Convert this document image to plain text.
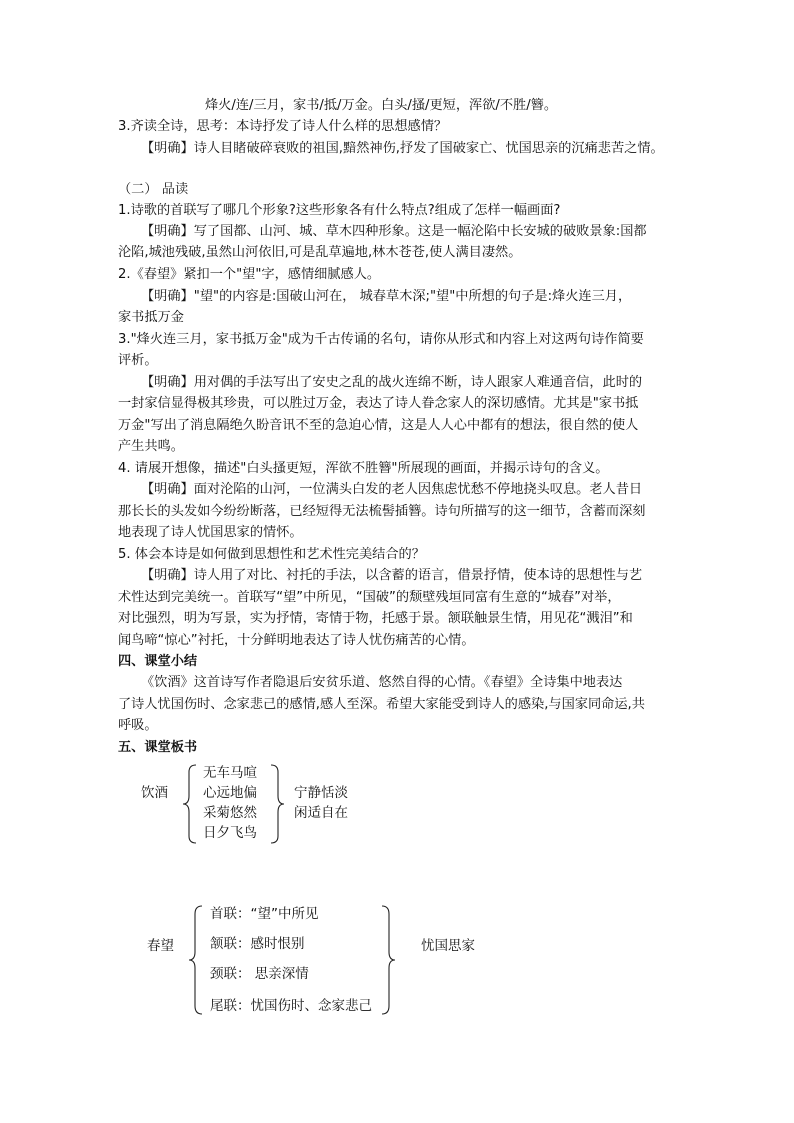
烽火/连/三月，家书/抵/万金。白头/搔/更短，浑欲/不胜/簪。
3.齐读全诗，思考：本诗抒发了诗人什么样的思想感情？
【明确】诗人目睹破碎衰败的祖国,黯然神伤,抒发了国破家亡、忧国思亲的沉痛悲苦之情。
（二） 品读
1.诗歌的首联写了哪几个形象?这些形象各有什么特点?组成了怎样一幅画面?
【明确】写了国都、山河、城、草木四种形象。这是一幅沦陷中长安城的破败景象:国都
沦陷,城池残破,虽然山河依旧,可是乱草遍地,林木苍苍,使人满目凄然。
2.《春望》紧扣一个"望"字，感情细腻感人。
【明确】"望"的内容是:国破山河在， 城春草木深;"望"中所想的句子是:烽火连三月，
家书抵万金
3."烽火连三月，家书抵万金"成为千古传诵的名句，请你从形式和内容上对这两句诗作简要
评析。
【明确】用对偶的手法写出了安史之乱的战火连绵不断，诗人跟家人难通音信，此时的
一封家信显得极其珍贵，可以胜过万金，表达了诗人眷念家人的深切感情。尤其是"家书抵
万金"写出了消息隔绝久盼音讯不至的急迫心情，这是人人心中都有的想法，很自然的使人
产生共鸣。
4. 请展开想像，描述"白头搔更短，浑欲不胜簪"所展现的画面，并揭示诗句的含义。
【明确】面对沦陷的山河，一位满头白发的老人因焦虑忧愁不停地挠头叹息。老人昔日
那长长的头发如今纷纷断落，已经短得无法梳髻插簪。诗句所描写的这一细节，含蓄而深刻
地表现了诗人忧国思家的情怀。
5. 体会本诗是如何做到思想性和艺术性完美结合的？
【明确】诗人用了对比、衬托的手法，以含蓄的语言，借景抒情，使本诗的思想性与艺
术性达到完美统一。首联写“望”中所见，“国破”的颓壁残垣同富有生意的“城春”对举，
对比强烈，明为写景，实为抒情，寄情于物，托感于景。颔联触景生情，用见花“溅泪”和
闻鸟啼“惊心”衬托，十分鲜明地表达了诗人忧伤痛苦的心情。
四、课堂小结
《饮酒》这首诗写作者隐退后安贫乐道、悠然自得的心情。《春望》全诗集中地表达
了诗人忧国伤时、念家悲己的感情,感人至深。希望大家能受到诗人的感染,与国家同命运,共
呼吸。
五、课堂板书
饮酒
无车马喧
心远地偏
采菊悠然
日夕飞鸟
宁静恬淡
闲适自在
春望
首联：“望”中所见
颔联：感时恨别
颈联： 思亲深情
尾联：忧国伤时、念家悲己
忧国思家
